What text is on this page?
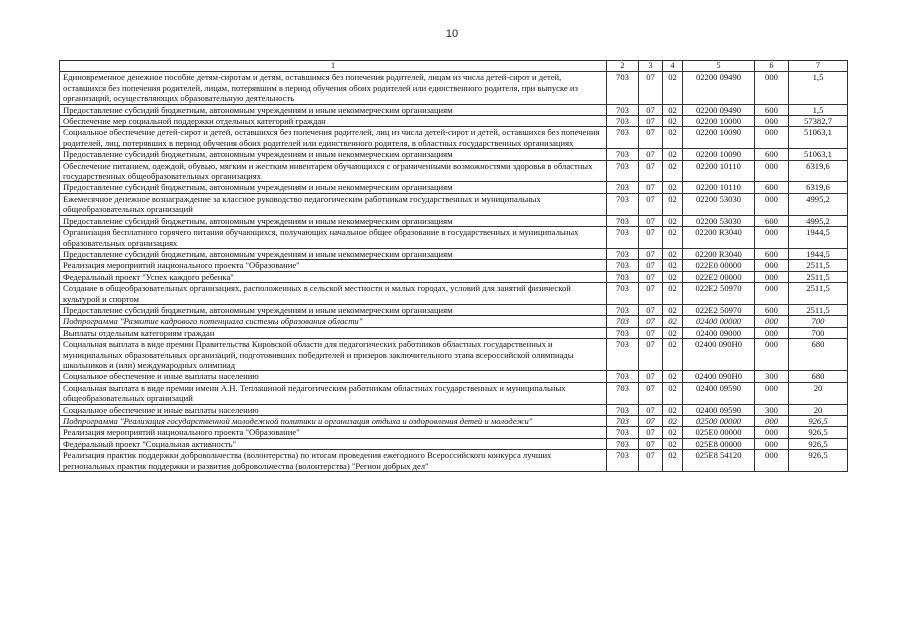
10
1	2	3	4	5	6	7
Единовременное денежное пособие детям-сиротам и детям, оставшимся без попечения родителей, лицам из числа детей-сирот и детей, оставшихся без попечения родителей, лицам, потерявшим в период обучения обоих родителей или единственного родителя, при выпуске из организаций, осуществляющих образовательную деятельность	703	07	02	02200 09490	000	1,5
Предоставление субсидий бюджетным, автономным учреждениям и иным некоммерческим организациям	703	07	02	02200 09490	600	1,5
Обеспечение мер социальной поддержки отдельных категорий граждан	703	07	02	02200 10000	000	57382,7
Социальное обеспечение детей-сирот и детей, оставшихся без попечения родителей, лиц из числа детей-сирот и детей, оставшихся без попечения родителей, лиц, потерявших в период обучения обоих родителей или единственного родителя, в областных государственных организациях	703	07	02	02200 10090	000	51063,1
Предоставление субсидий бюджетным, автономным учреждениям и иным некоммерческим организациям	703	07	02	02200 10090	600	51063,1
Обеспечение питанием, одеждой, обувью, мягким и жестким инвентарем обучающихся с ограниченными возможностями здоровья в областных государственных общеобразовательных организациях	703	07	02	02200 10110	000	6319,6
Предоставление субсидий бюджетным, автономным учреждениям и иным некоммерческим организациям	703	07	02	02200 10110	600	6319,6
Ежемесячное денежное вознаграждение за классное руководство педагогическим работникам государственных и муниципальных общеобразовательных организаций	703	07	02	02200 53030	000	4995,2
Предоставление субсидий бюджетным, автономным учреждениям и иным некоммерческим организациям	703	07	02	02200 53030	600	4995,2
Организация бесплатного горячего питания обучающихся, получающих начальное общее образование в государственных и муниципальных образовательных организациях	703	07	02	02200 R3040	000	1944,5
Предоставление субсидий бюджетным, автономным учреждениям и иным некоммерческим организациям	703	07	02	02200 R3040	600	1944,5
Реализация мероприятий национального проекта "Образование"	703	07	02	022E0 00000	000	2511,5
Федеральный проект "Успех каждого ребенка"	703	07	02	022E2 00000	000	2511,5
Создание в общеобразовательных организациях, расположенных в сельской местности и малых городах, условий для занятий физической культурой и спортом	703	07	02	022E2 50970	000	2511,5
Предоставление субсидий бюджетным, автономным учреждениям и иным некоммерческим организациям	703	07	02	022E2 50970	600	2511,5
Подпрограмма "Развитие кадрового потенциала системы образования области"	703	07	02	02400 00000	000	700
Выплаты отдельным категориям граждан	703	07	02	02400 09000	000	700
Социальная выплата в виде премии Правительства Кировской области для педагогических работников областных государственных и муниципальных образовательных организаций, подготовивших победителей и призеров заключительного этапа всероссийской олимпиады школьников и (или) международных олимпиад	703	07	02	02400 090H0	000	680
Социальное обеспечение и иные выплаты населению	703	07	02	02400 090H0	300	680
Социальная выплата в виде премии имени А.Н. Теплашиной педагогическим работникам областных государственных и муниципальных общеобразовательных организаций	703	07	02	02400 09590	000	20
Социальное обеспечение и иные выплаты населению	703	07	02	02400 09590	300	20
Подпрограмма "Реализация государственной молодежной политики и организация отдыха и оздоровления детей и молодежи"	703	07	02	02500 00000	000	926,5
Реализация мероприятий национального проекта "Образование"	703	07	02	025E0 00000	000	926,5
Федеральный проект "Социальная активность"	703	07	02	025E8 00000	000	926,5
Реализация практик поддержки добровольчества (волонтерства) по итогам проведения ежегодного Всероссийского конкурса лучших региональных практик поддержки и развития добровольчества (волонтерства) "Регион добрых дел"	703	07	02	025E8 54120	000	926,5
